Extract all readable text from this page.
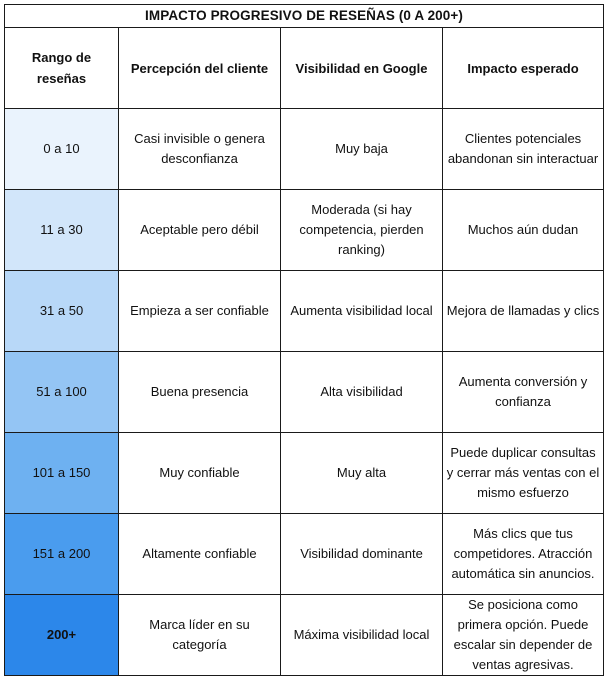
IMPACTO PROGRESIVO DE RESEÑAS (0 A 200+)			
Rango de reseñas	Percepción del cliente	Visibilidad en Google	Impacto esperado
0 a 10	Casi invisible o genera desconfianza	Muy baja	Clientes potenciales abandonan sin interactuar
11 a 30	Aceptable pero débil	Moderada (si hay competencia, pierden ranking)	Muchos aún dudan
31 a 50	Empieza a ser confiable	Aumenta visibilidad local	Mejora de llamadas y clics
51 a 100	Buena presencia	Alta visibilidad	Aumenta conversión y confianza
101 a 150	Muy confiable	Muy alta	Puede duplicar consultas y cerrar más ventas con el mismo esfuerzo
151 a 200	Altamente confiable	Visibilidad dominante	Más clics que tus competidores. Atracción automática sin anuncios.
200+	Marca líder en su categoría	Máxima visibilidad local	Se posiciona como primera opción. Puede escalar sin depender de ventas agresivas.
